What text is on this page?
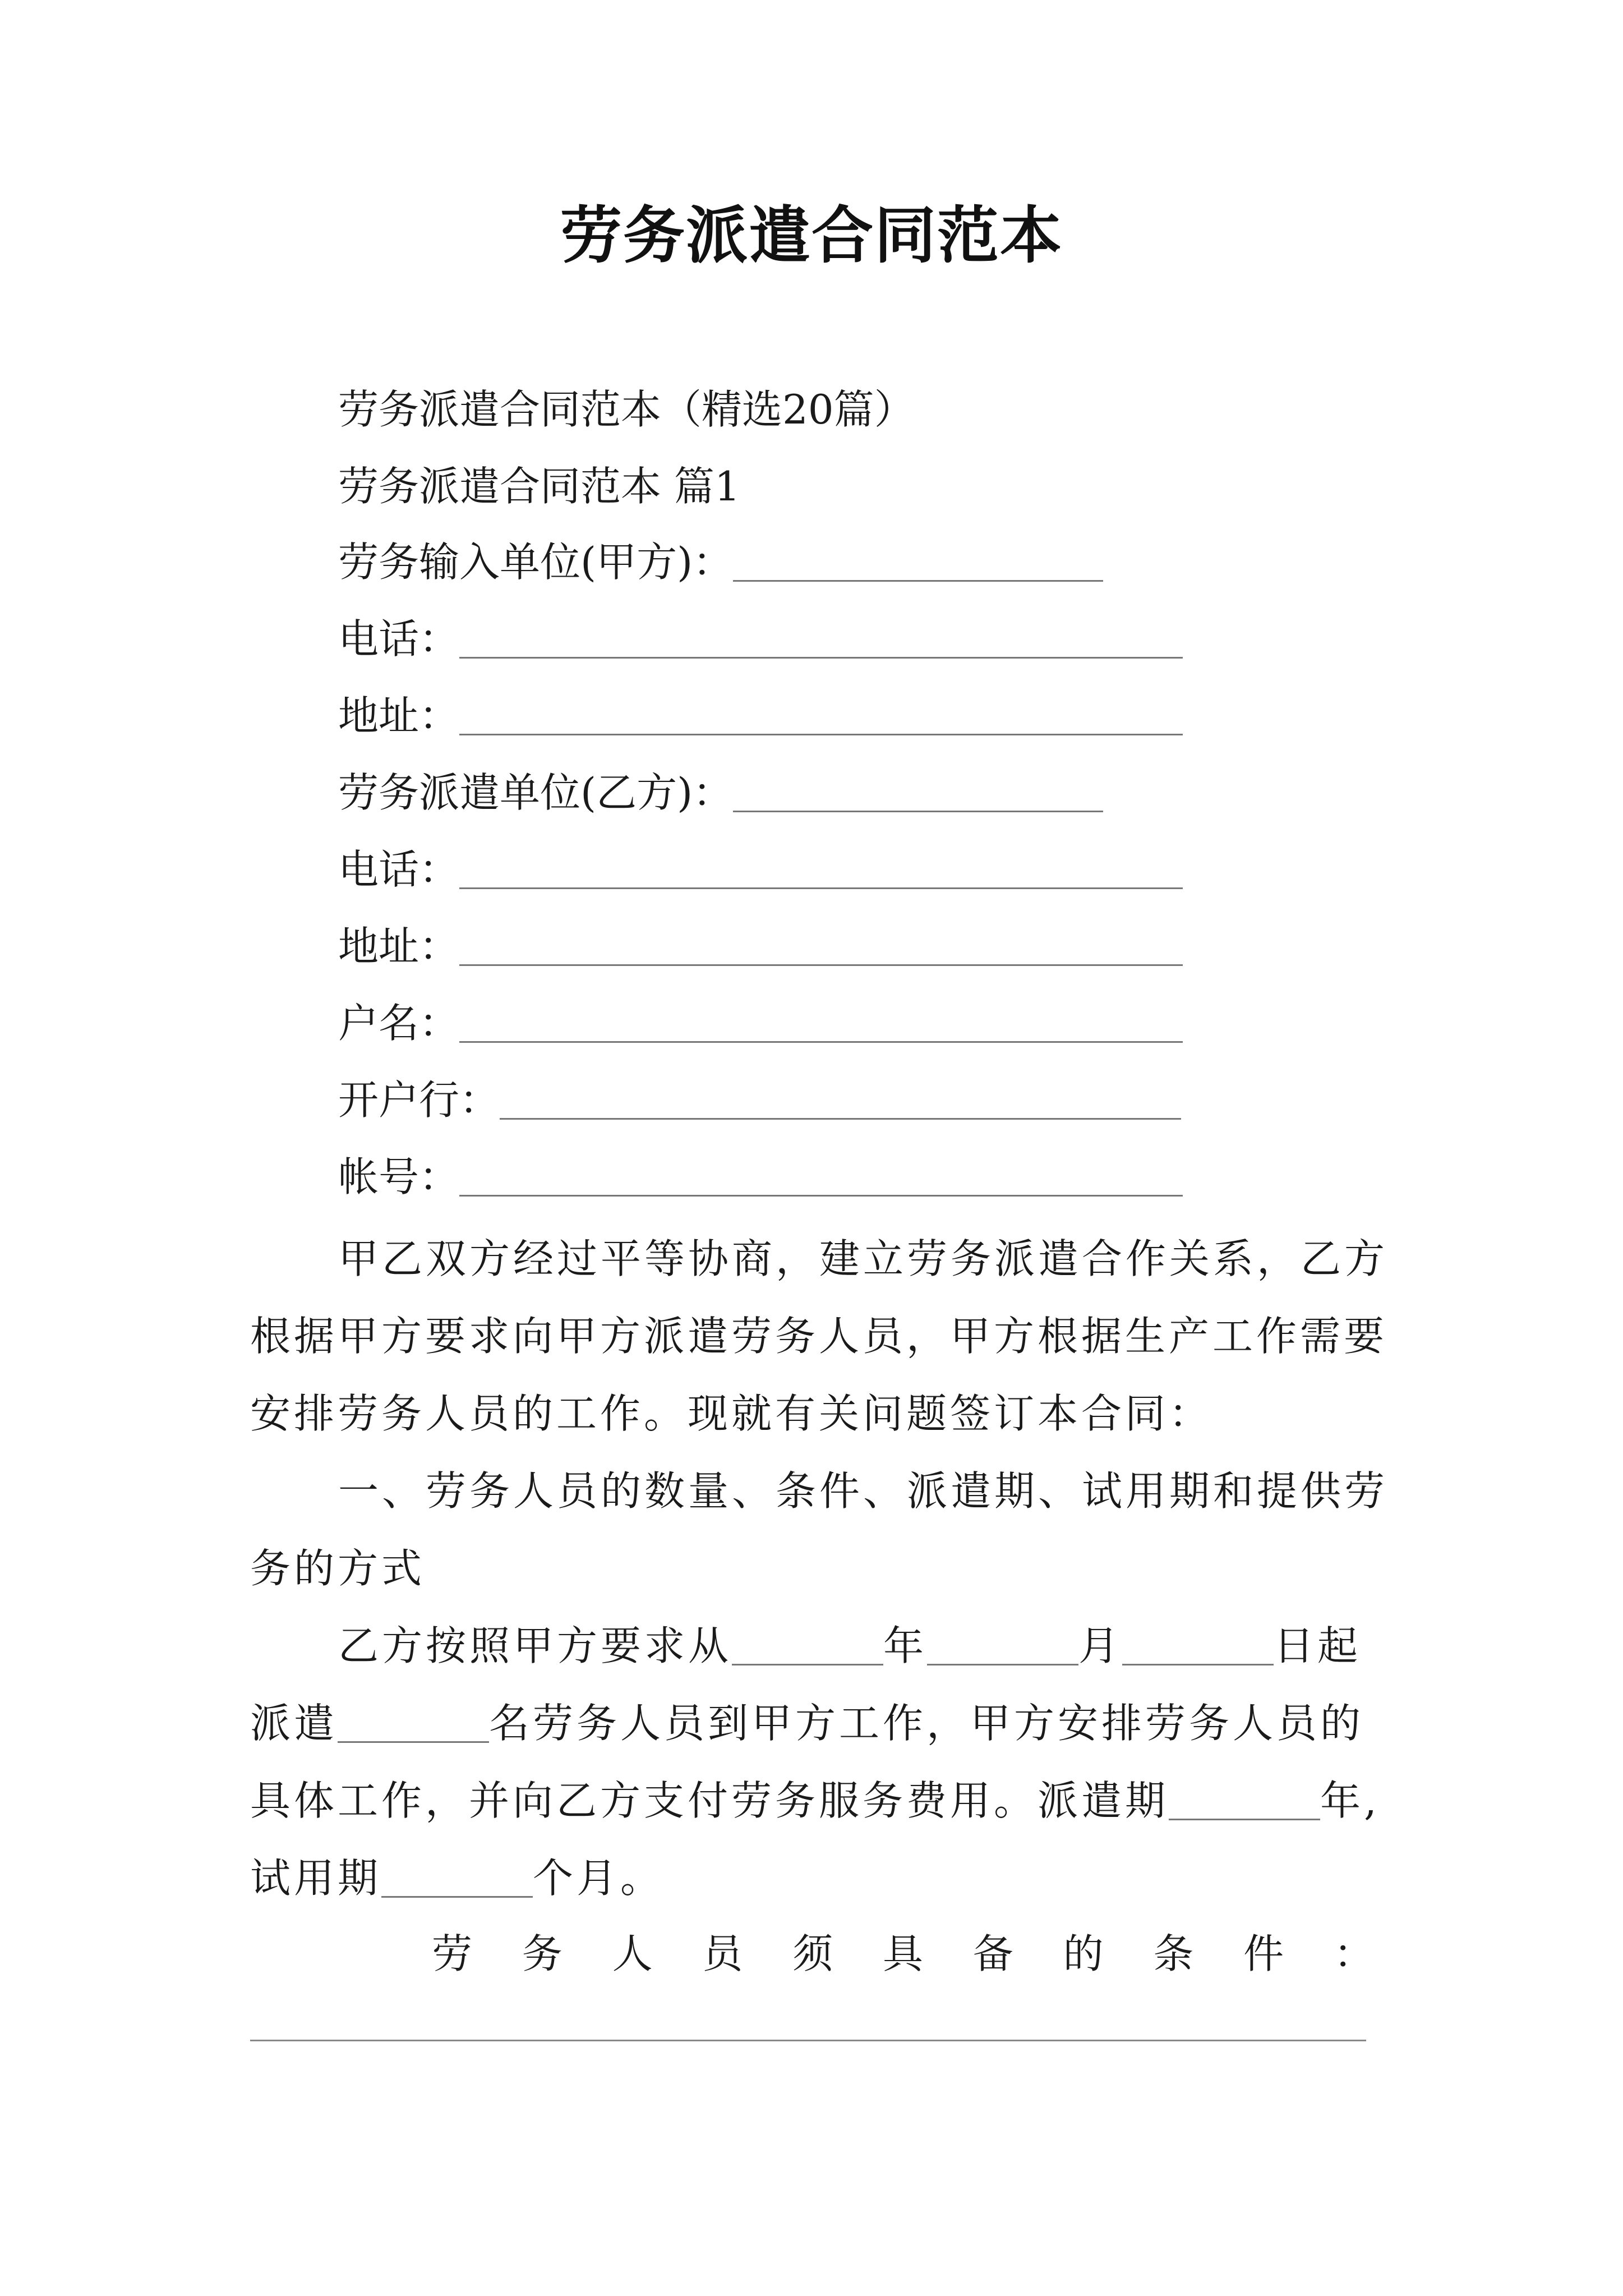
劳务派遣合同范本
劳务派遣合同范本（精选20篇）
劳务派遣合同范本 篇1
劳务输入单位(甲方)：
电话：
地址：
劳务派遣单位(乙方)：
电话：
地址：
户名：
开户行：
帐号：
甲乙双方经过平等协商，建立劳务派遣合作关系，乙方
根据甲方要求向甲方派遣劳务人员，甲方根据生产工作需要
安排劳务人员的工作。现就有关问题签订本合同：
一、劳务人员的数量、条件、派遣期、试用期和提供劳
务的方式
乙方按照甲方要求从	年	月	日起
派遣	名劳务人员到甲方工作，甲方安排劳务人员的
具体工作，并向乙方支付劳务服务费用。派遣期	年,
试用期	个月。
劳 务 人 员 须 具 备 的 条 件 ：
